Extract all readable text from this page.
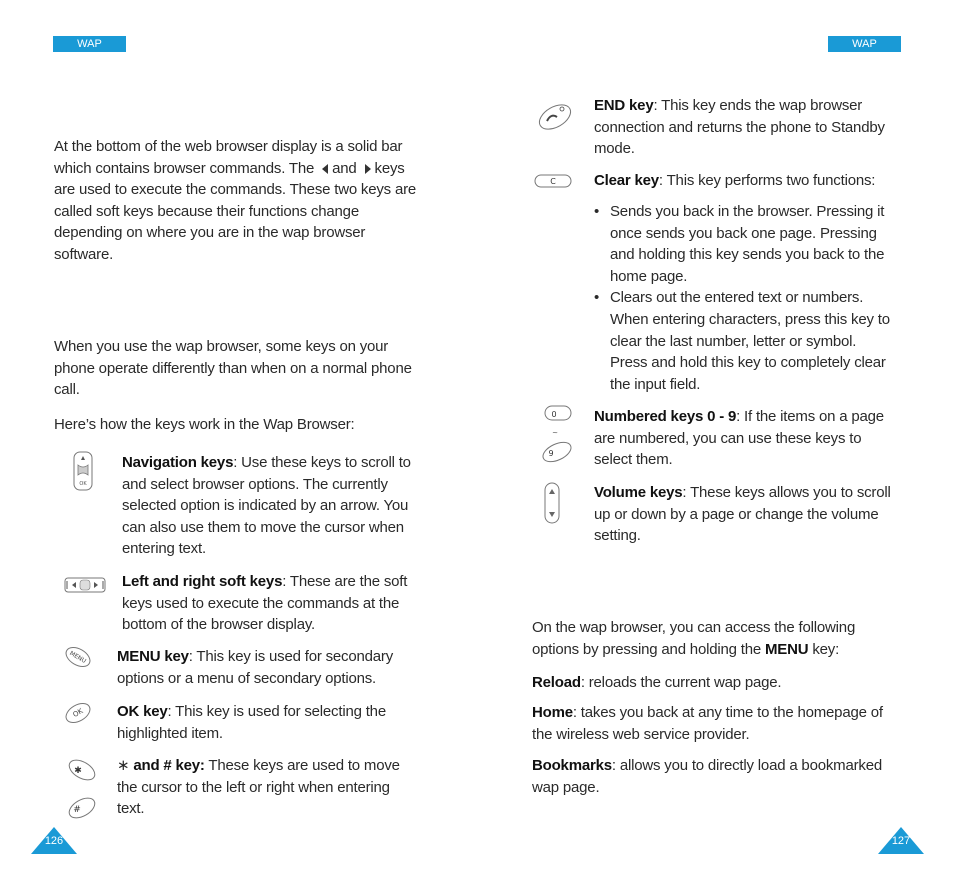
WAP
At the bottom of the web browser display is a solid bar which contains browser commands. The and keys are used to execute the commands. These two keys are called soft keys because their functions change depending on where you are in the wap browser software.
When you use the wap browser, some keys on your phone operate differently than when on a normal phone call.
Here’s how the keys work in the Wap Browser:
OK
Navigation keys: Use these keys to scroll to and select browser options. The currently selected option is indicated by an arrow. You can also use them to move the cursor when entering text.
Left and right soft keys: These are the soft keys used to execute the commands at the bottom of the browser display.
MENU MENU key: This key is used for secondary options or a menu of secondary options.
OK OK key: This key is used for selecting the highlighted item.
✱
#
∗ and # key: These keys are used to move the cursor to the left or right when entering text.
126
WAP
END key: This key ends the wap browser connection and returns the phone to Standby mode.
C	Clear key: This key performs two functions:
• Sends you back in the browser. Pressing it once sends you back one page. Pressing and holding this key sends you back to the home page.
• Clears out the entered text or numbers. When entering characters, press this key to clear the last number, letter or symbol. Press and hold this key to completely clear the input field.
0
~
9
Numbered keys 0 - 9: If the items on a page are numbered, you can use these keys to select them.
Volume keys: These keys allows you to scroll up or down by a page or change the volume setting.
On the wap browser, you can access the following options by pressing and holding the MENU key:
Reload: reloads the current wap page.
Home: takes you back at any time to the homepage of the wireless web service provider.
Bookmarks: allows you to directly load a bookmarked wap page.
127
